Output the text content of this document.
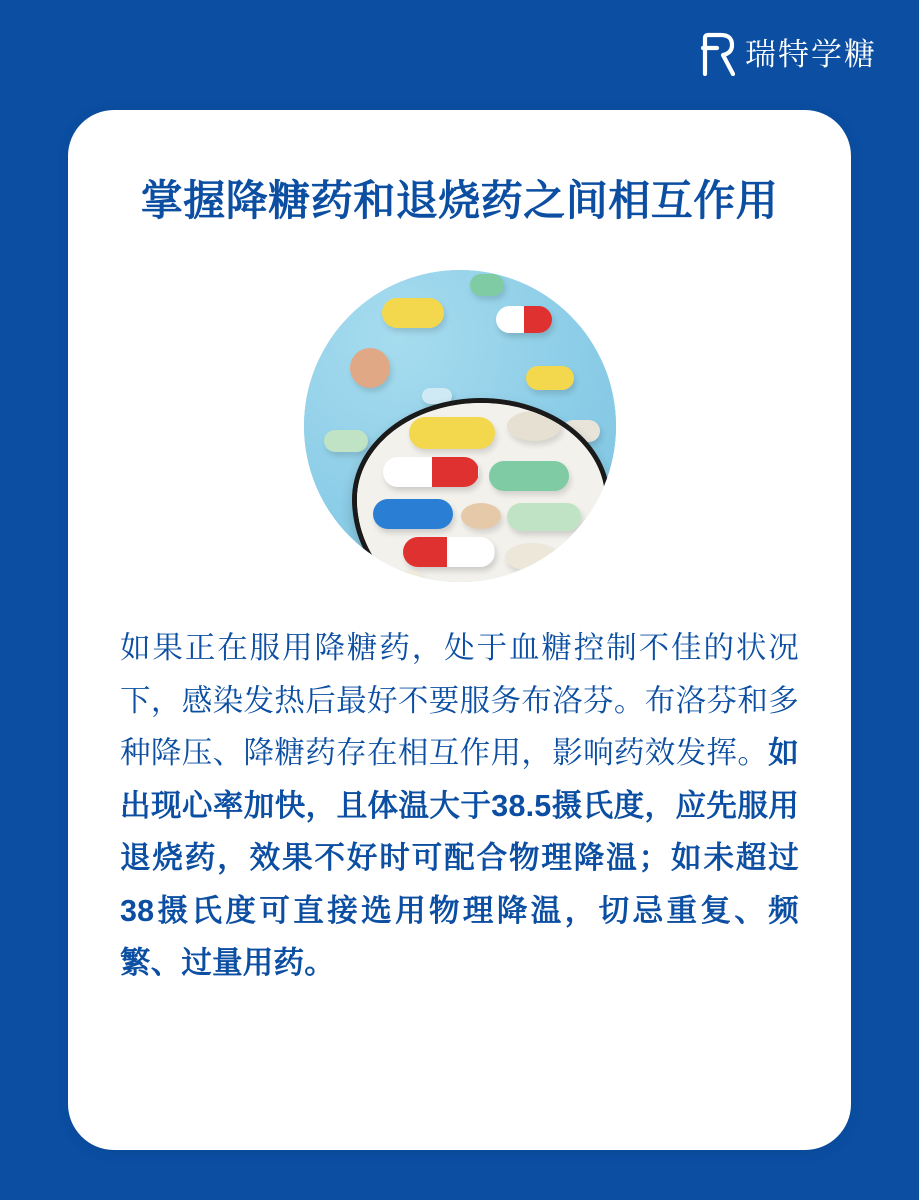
瑞特学糖
掌握降糖药和退烧药之间相互作用

如果正在服用降糖药，处于血糖控制不佳的状况下，感染发热后最好不要服务布洛芬。布洛芬和多种降压、降糖药存在相互作用，影响药效发挥。如出现心率加快，且体温大于38.5摄氏度，应先服用退烧药，效果不好时可配合物理降温；如未超过38摄氏度可直接选用物理降温，切忌重复、频繁、过量用药。
